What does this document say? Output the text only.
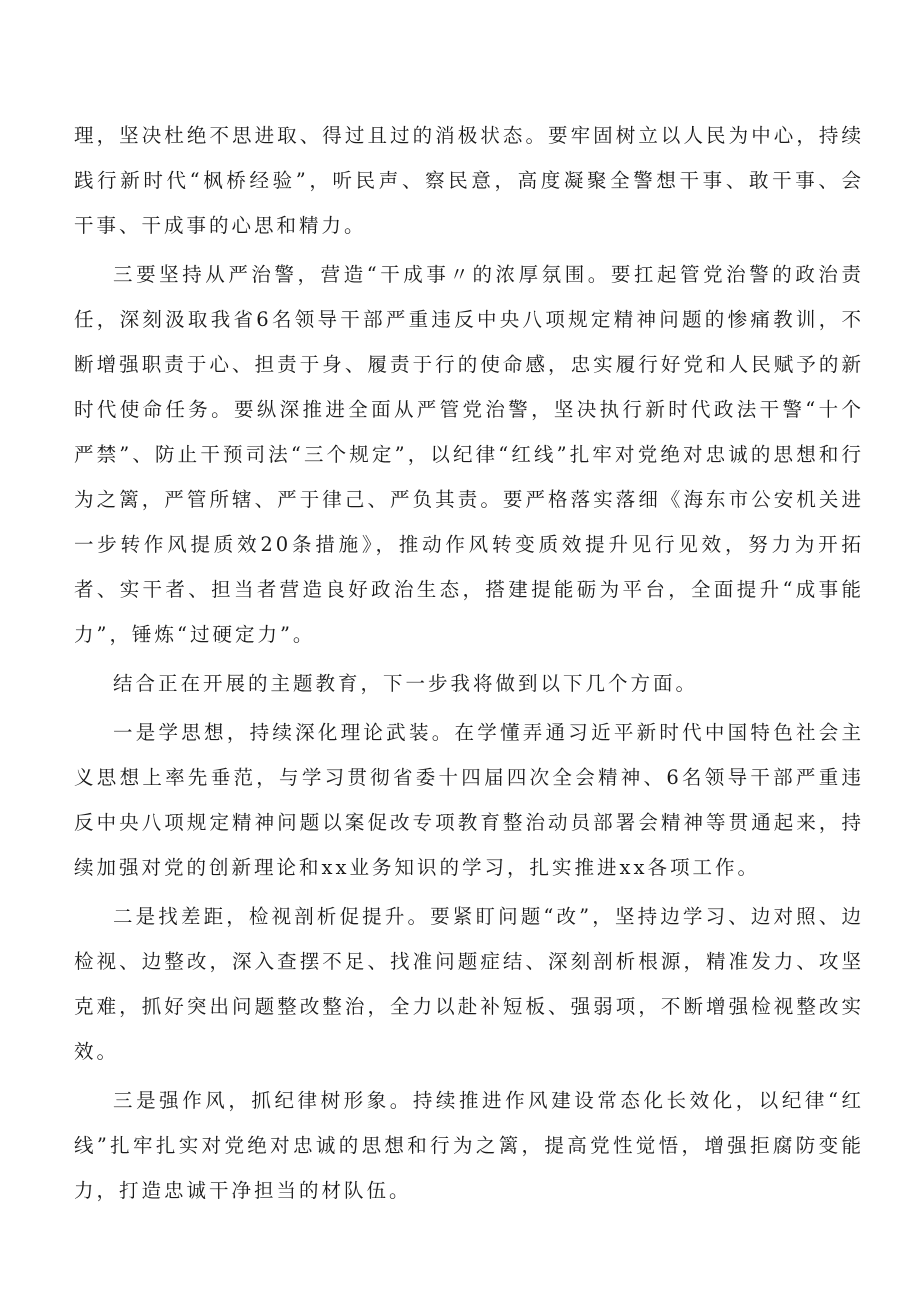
理，坚决杜绝不思进取、得过且过的消极状态。要牢固树立以人民为中心，持续践行新时代“枫桥经验”，听民声、察民意，高度凝聚全警想干事、敢干事、会干事、干成事的心思和精力。

三要坚持从严治警，营造“干成事〃的浓厚氛围。要扛起管党治警的政治责任，深刻汲取我省6名领导干部严重违反中央八项规定精神问题的惨痛教训，不断增强职责于心、担责于身、履责于行的使命感，忠实履行好党和人民赋予的新时代使命任务。要纵深推进全面从严管党治警，坚决执行新时代政法干警“十个严禁”、防止干预司法“三个规定”，以纪律“红线”扎牢对党绝对忠诚的思想和行为之篱，严管所辖、严于律己、严负其责。要严格落实落细《海东市公安机关进一步转作风提质效20条措施》，推动作风转变质效提升见行见效，努力为开拓者、实干者、担当者营造良好政治生态，搭建提能砺为平台，全面提升“成事能力”，锤炼“过硬定力”。

结合正在开展的主题教育，下一步我将做到以下几个方面。

一是学思想，持续深化理论武装。在学懂弄通习近平新时代中国特色社会主义思想上率先垂范，与学习贯彻省委十四届四次全会精神、6名领导干部严重违反中央八项规定精神问题以案促改专项教育整治动员部署会精神等贯通起来，持续加强对党的创新理论和xx业务知识的学习，扎实推进xx各项工作。

二是找差距，检视剖析促提升。要紧盯问题“改”，坚持边学习、边对照、边检视、边整改，深入查摆不足、找准问题症结、深刻剖析根源，精准发力、攻坚克难，抓好突出问题整改整治，全力以赴补短板、强弱项，不断增强检视整改实效。

三是强作风，抓纪律树形象。持续推进作风建设常态化长效化，以纪律“红线”扎牢扎实对党绝对忠诚的思想和行为之篱，提高党性觉悟，增强拒腐防变能力，打造忠诚干净担当的材队伍。
